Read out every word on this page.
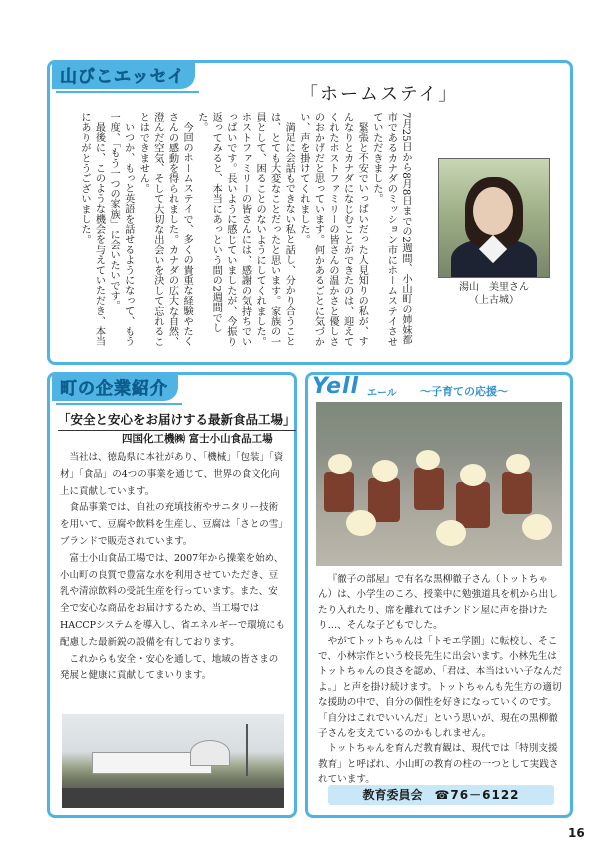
山びこエッセイ
「ホームステイ」

7月25日から8月8日までの2週間、小山町の姉妹都市であるカナダのミッション市にホームステイさせていただきました。

緊張と不安でいっぱいだった人見知りの私が、すんなりとカナダになじむことができたのは、迎えてくれたホストファミリーの皆さんの温かさと優しさのおかげだと思っています。何かあるごとに気づかい、声を掛けてくれました。

満足に会話もできない私と話し、分かり合うことは、とても大変なことだったと思います。家族の一員として、困ることのないようにしてくれました。ホストファミリーの皆さんには、感謝の気持ちでいっぱいです。長いように感じていましたが、今振り返ってみると、本当にあっという間の2週間でした。

今回のホームステイで、多くの貴重な経験やたくさんの感動を得られました。カナダの広大な自然、澄んだ空気、そして大切な出会いを決して忘れることはできません。

いつか、もっと英語を話せるようになって、もう一度、「もう一つの家族」に会いたいです。

最後に、このような機会を与えていただき、本当にありがとうございました。

湯山　美里さん
（上古城）
町の企業紹介
「安全と安心をお届けする最新食品工場」
四国化工機㈱ 富士小山食品工場

当社は、徳島県に本社があり、「機械」「包装」「資材」「食品」の4つの事業を通じて、世界の食文化向上に貢献しています。

食品事業では、自社の充填技術やサニタリー技術を用いて、豆腐や飲料を生産し、豆腐は「さとの雪」ブランドで販売されています。

富士小山食品工場では、2007年から操業を始め、小山町の良質で豊富な水を利用させていただき、豆乳や清涼飲料の受託生産を行っています。また、安全で安心な商品をお届けするため、当工場ではHACCPシステムを導入し、省エネルギーで環境にも配慮した最新鋭の設備を有しております。

これからも安全・安心を通して、地域の皆さまの発展と健康に貢献してまいります。

Yell エール ～子育ての応援～

『徹子の部屋』で有名な黒柳徹子さん（トットちゃん）は、小学生のころ、授業中に勉強道具を机から出したり入れたり、席を離れてはチンドン屋に声を掛けたり…、そんな子どもでした。

やがてトットちゃんは「トモエ学園」に転校し、そこで、小林宗作という校長先生に出会います。小林先生はトットちゃんの良さを認め、「君は、本当はいい子なんだよ。」と声を掛け続けます。トットちゃんも先生方の適切な援助の中で、自分の個性を好きになっていくのです。「自分はこれでいいんだ」という思いが、現在の黒柳徹子さんを支えているのかもしれません。

トットちゃんを育んだ教育観は、現代では「特別支援教育」と呼ばれ、小山町の教育の柱の一つとして実践されています。

教育委員会 ☎76－6122
16
